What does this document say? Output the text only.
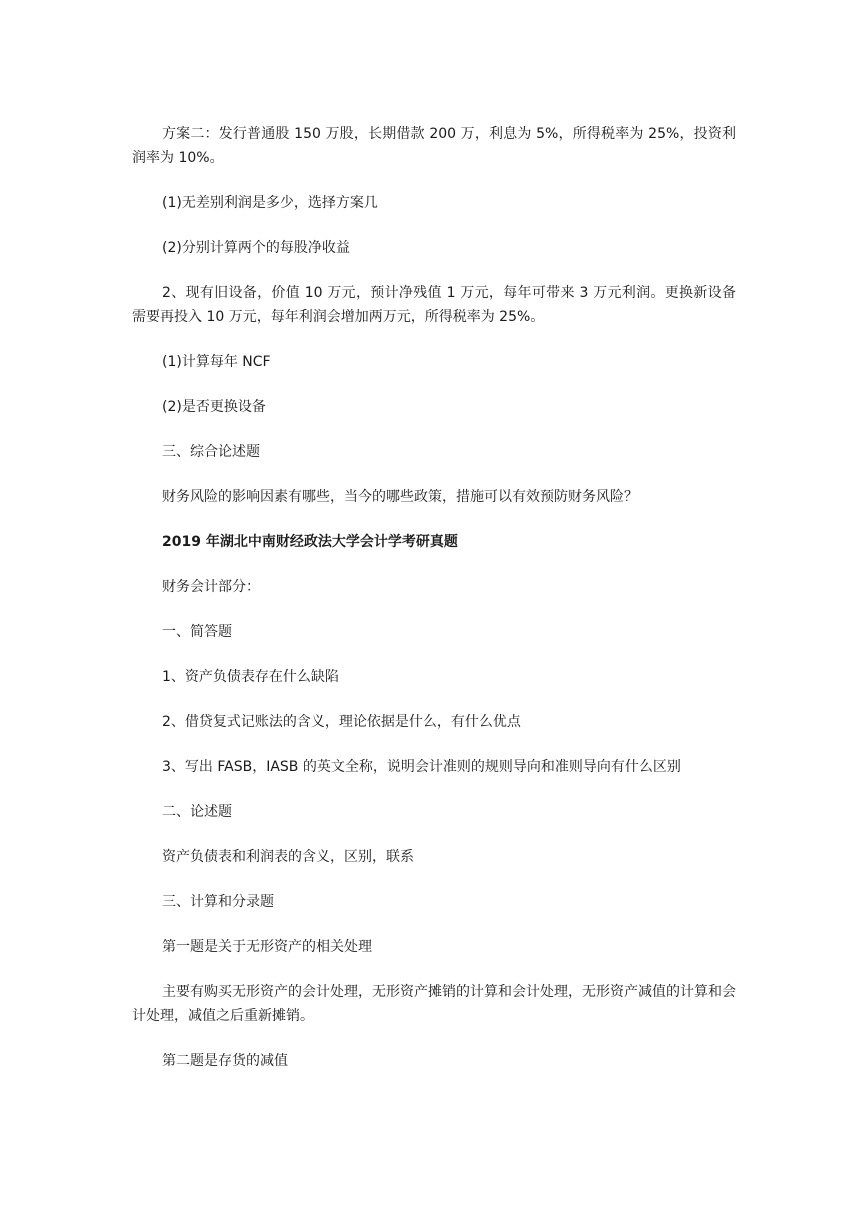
方案二：发行普通股 150 万股，长期借款 200 万，利息为 5%，所得税率为 25%，投资利润率为 10%。

(1)无差别利润是多少，选择方案几

(2)分别计算两个的每股净收益

2、现有旧设备，价值 10 万元，预计净残值 1 万元，每年可带来 3 万元利润。更换新设备需要再投入 10 万元，每年利润会增加两万元，所得税率为 25%。

(1)计算每年 NCF

(2)是否更换设备

三、综合论述题

财务风险的影响因素有哪些，当今的哪些政策，措施可以有效预防财务风险？

2019 年湖北中南财经政法大学会计学考研真题

财务会计部分：

一、简答题

1、资产负债表存在什么缺陷

2、借贷复式记账法的含义，理论依据是什么，有什么优点

3、写出 FASB，IASB 的英文全称，说明会计准则的规则导向和准则导向有什么区别

二、论述题

资产负债表和利润表的含义，区别，联系

三、计算和分录题

第一题是关于无形资产的相关处理

主要有购买无形资产的会计处理，无形资产摊销的计算和会计处理，无形资产减值的计算和会计处理，减值之后重新摊销。

第二题是存货的减值
